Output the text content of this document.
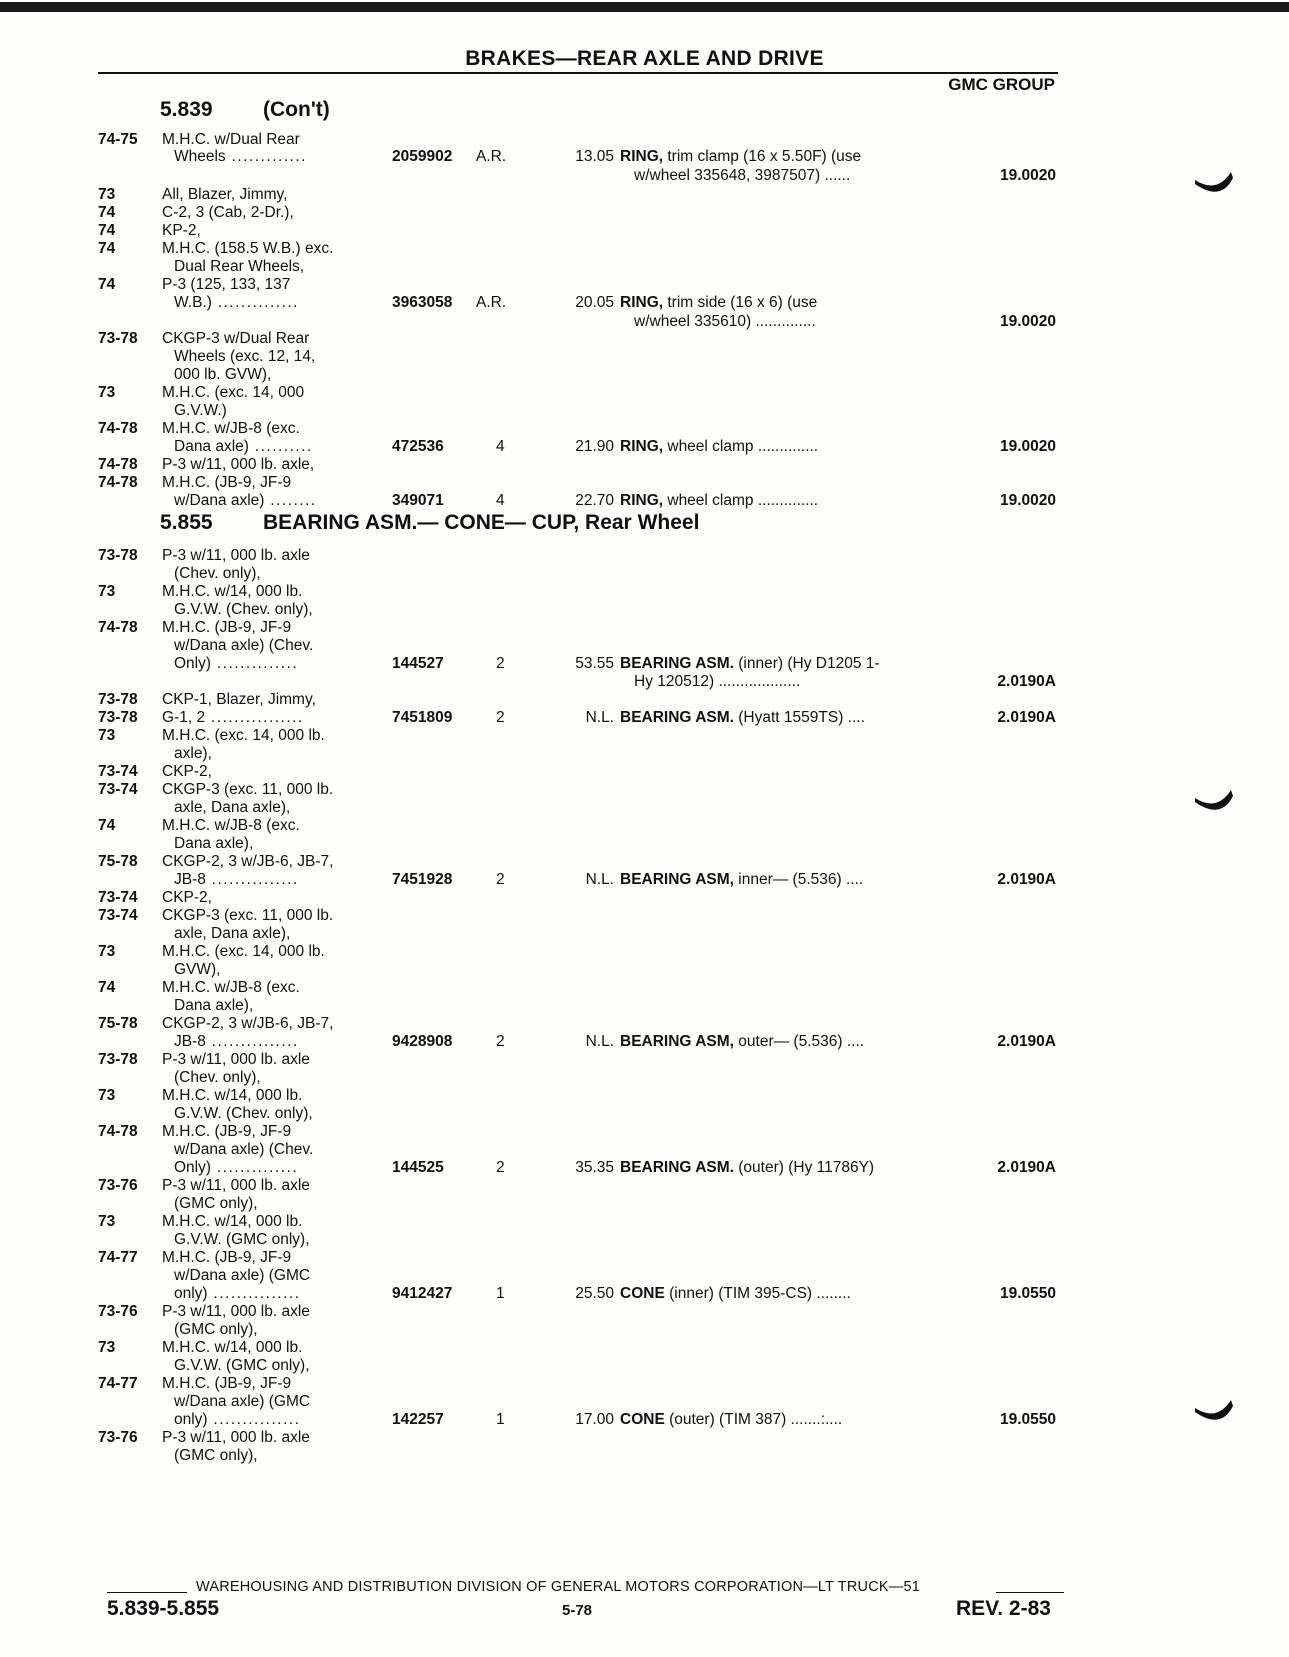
BRAKES—REAR AXLE AND DRIVE
GMC GROUP
5.839 (Con't)
5.855 BEARING ASM.— CONE— CUP, Rear Wheel
74-75 M.H.C. w/Dual Rear
Wheels .............	2059902 A.R.	13.05 RING, trim clamp (16 x 5.50F) (use
w/wheel 335648, 3987507) ......	19.0020
73	All, Blazer, Jimmy,
74	C-2, 3 (Cab, 2-Dr.),
74	KP-2,
74	M.H.C. (158.5 W.B.) exc.
Dual Rear Wheels,
74	P-3 (125, 133, 137
W.B.) ..............	3963058 A.R.	20.05 RING, trim side (16 x 6) (use
w/wheel 335610) ..............	19.0020
73-78 CKGP-3 w/Dual Rear
Wheels (exc. 12, 14,
000 lb. GVW),
73	M.H.C. (exc. 14, 000
G.V.W.)
74-78 M.H.C. w/JB-8 (exc.
Dana axle) ..........	472536	4	21.90 RING, wheel clamp ..............	19.0020
74-78 P-3 w/11, 000 lb. axle,
74-78 M.H.C. (JB-9, JF-9
w/Dana axle) ........	349071	4	22.70 RING, wheel clamp ..............	19.0020
73-78 P-3 w/11, 000 lb. axle
(Chev. only),
73	M.H.C. w/14, 000 lb.
G.V.W. (Chev. only),
74-78 M.H.C. (JB-9, JF-9
w/Dana axle) (Chev.
Only) ..............	144527	2	53.55 BEARING ASM. (inner) (Hy D1205 1-
Hy 120512) ...................	2.0190A
73-78 CKP-1, Blazer, Jimmy,
73-78 G-1, 2 ................	7451809	2	N.L. BEARING ASM. (Hyatt 1559TS) ....	2.0190A
73	M.H.C. (exc. 14, 000 lb.
axle),
73-74 CKP-2,
73-74 CKGP-3 (exc. 11, 000 lb.
axle, Dana axle),
74	M.H.C. w/JB-8 (exc.
Dana axle),
75-78 CKGP-2, 3 w/JB-6, JB-7,
JB-8 ...............	7451928	2	N.L. BEARING ASM, inner— (5.536) ....	2.0190A
73-74 CKP-2,
73-74 CKGP-3 (exc. 11, 000 lb.
axle, Dana axle),
73	M.H.C. (exc. 14, 000 lb.
GVW),
74	M.H.C. w/JB-8 (exc.
Dana axle),
75-78 CKGP-2, 3 w/JB-6, JB-7,
JB-8 ...............	9428908	2	N.L. BEARING ASM, outer— (5.536) ....	2.0190A
73-78 P-3 w/11, 000 lb. axle
(Chev. only),
73	M.H.C. w/14, 000 lb.
G.V.W. (Chev. only),
74-78 M.H.C. (JB-9, JF-9
w/Dana axle) (Chev.
Only) ..............	144525	2	35.35 BEARING ASM. (outer) (Hy 11786Y)	2.0190A
73-76 P-3 w/11, 000 lb. axle
(GMC only),
73	M.H.C. w/14, 000 lb.
G.V.W. (GMC only),
74-77 M.H.C. (JB-9, JF-9
w/Dana axle) (GMC
only) ...............	9412427	1	25.50 CONE (inner) (TIM 395-CS) ........	19.0550
73-76 P-3 w/11, 000 lb. axle
(GMC only),
73	M.H.C. w/14, 000 lb.
G.V.W. (GMC only),
74-77 M.H.C. (JB-9, JF-9
w/Dana axle) (GMC
only) ...............	142257	1	17.00 CONE (outer) (TIM 387) .......:....	19.0550
73-76 P-3 w/11, 000 lb. axle
(GMC only),
WAREHOUSING AND DISTRIBUTION DIVISION OF GENERAL MOTORS CORPORATION—LT TRUCK—51
5.839-5.855	5-78	REV. 2-83
